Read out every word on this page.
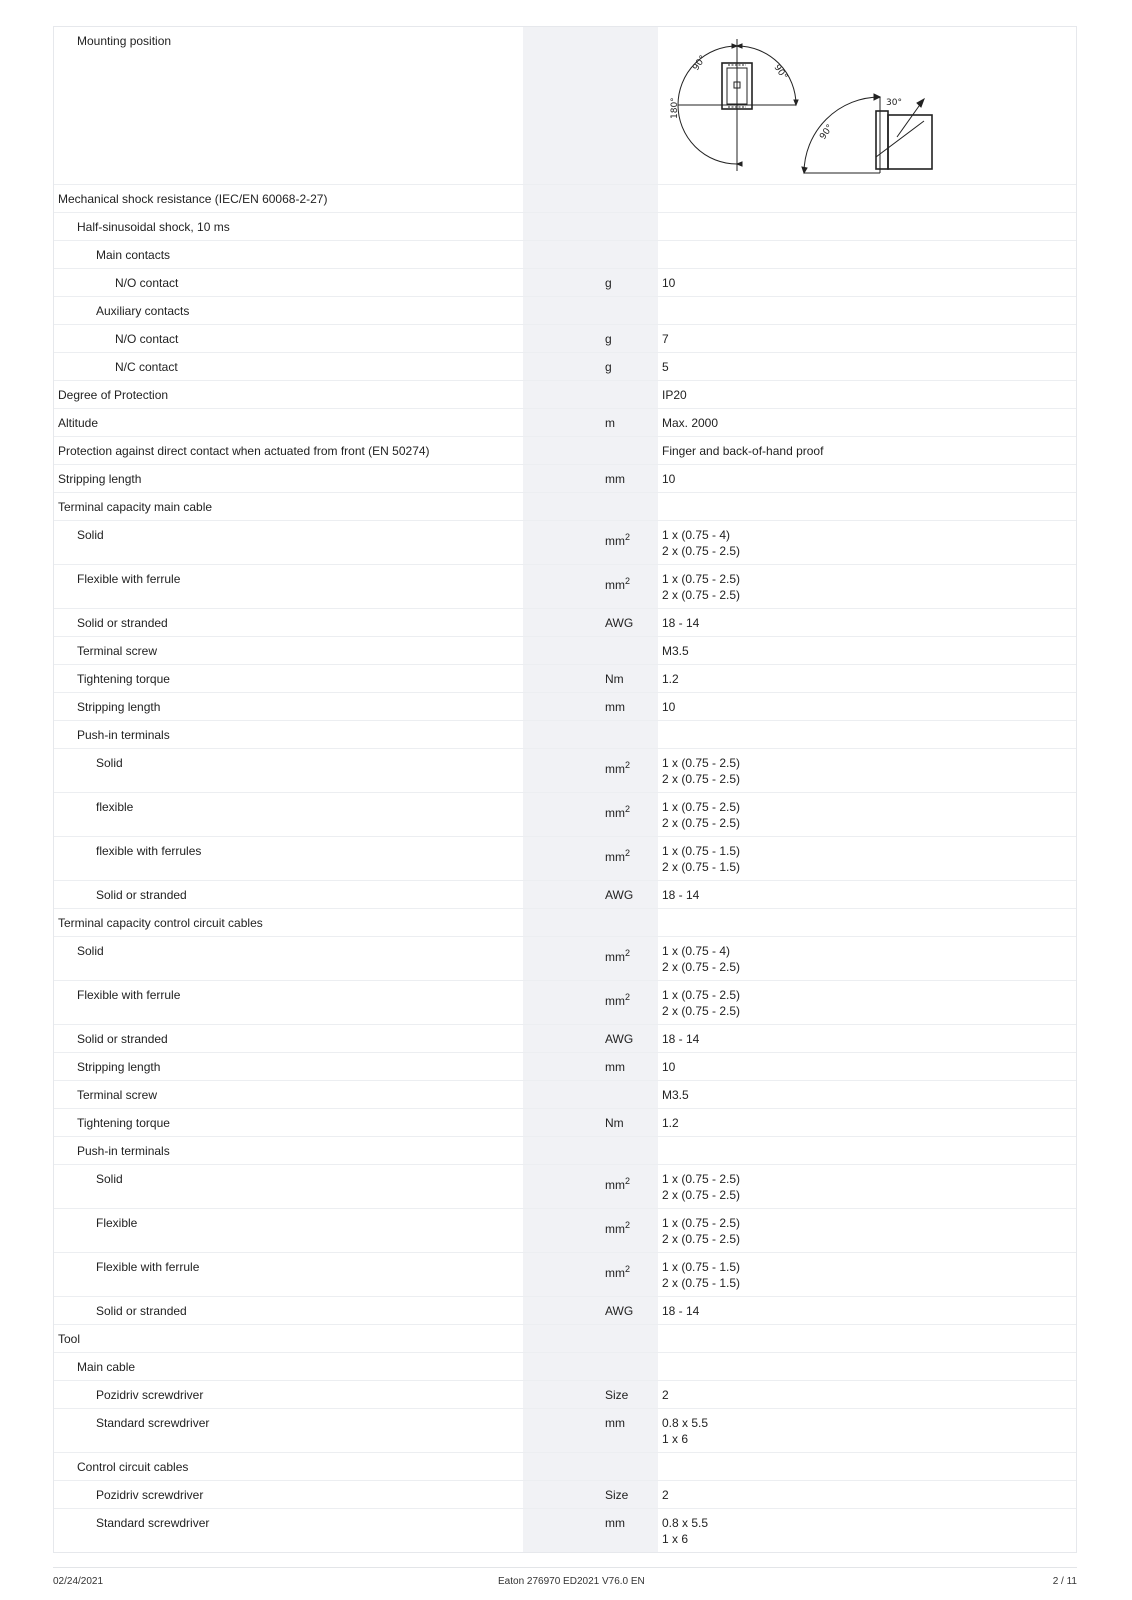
Mounting position		90° 90°
180°
90°
30°

Mechanical shock resistance (IEC/EN 60068-2-27)		
Half-sinusoidal shock, 10 ms		
Main contacts		
N/O contact	g	10

Auxiliary contacts		
N/O contact	g	7

N/C contact	g	5

Degree of Protection		IP20

Altitude	m	Max. 2000

Protection against direct contact when actuated from front (EN 50274)		Finger and back-of-hand proof

Stripping length	mm	10

Terminal capacity main cable		
Solid	$mm^2$	1 x (0.75 - 4)
2 x (0.75 - 2.5)

Flexible with ferrule	$mm^2$	1 x (0.75 - 2.5)
2 x (0.75 - 2.5)

Solid or stranded	AWG	18 - 14

Terminal screw		M3.5

Tightening torque	Nm	1.2

Stripping length	mm	10

Push-in terminals		
Solid	$mm^2$	1 x (0.75 - 2.5)
2 x (0.75 - 2.5)

flexible	$mm^2$	1 x (0.75 - 2.5)
2 x (0.75 - 2.5)

flexible with ferrules	$mm^2$	1 x (0.75 - 1.5)
2 x (0.75 - 1.5)

Solid or stranded	AWG	18 - 14

Terminal capacity control circuit cables		
Solid	$mm^2$	1 x (0.75 - 4)
2 x (0.75 - 2.5)

Flexible with ferrule	$mm^2$	1 x (0.75 - 2.5)
2 x (0.75 - 2.5)

Solid or stranded	AWG	18 - 14

Stripping length	mm	10

Terminal screw		M3.5

Tightening torque	Nm	1.2

Push-in terminals		
Solid	$mm^2$	1 x (0.75 - 2.5)
2 x (0.75 - 2.5)

Flexible	$mm^2$	1 x (0.75 - 2.5)
2 x (0.75 - 2.5)

Flexible with ferrule	$mm^2$	1 x (0.75 - 1.5)
2 x (0.75 - 1.5)

Solid or stranded	AWG	18 - 14

Tool		
Main cable		
Pozidriv screwdriver	Size	2

Standard screwdriver	mm	0.8 x 5.5
1 x 6

Control circuit cables		
Pozidriv screwdriver	Size	2

Standard screwdriver	mm	0.8 x 5.5
1 x 6
02/24/2021	Eaton 276970 ED2021 V76.0 EN	2 / 11
